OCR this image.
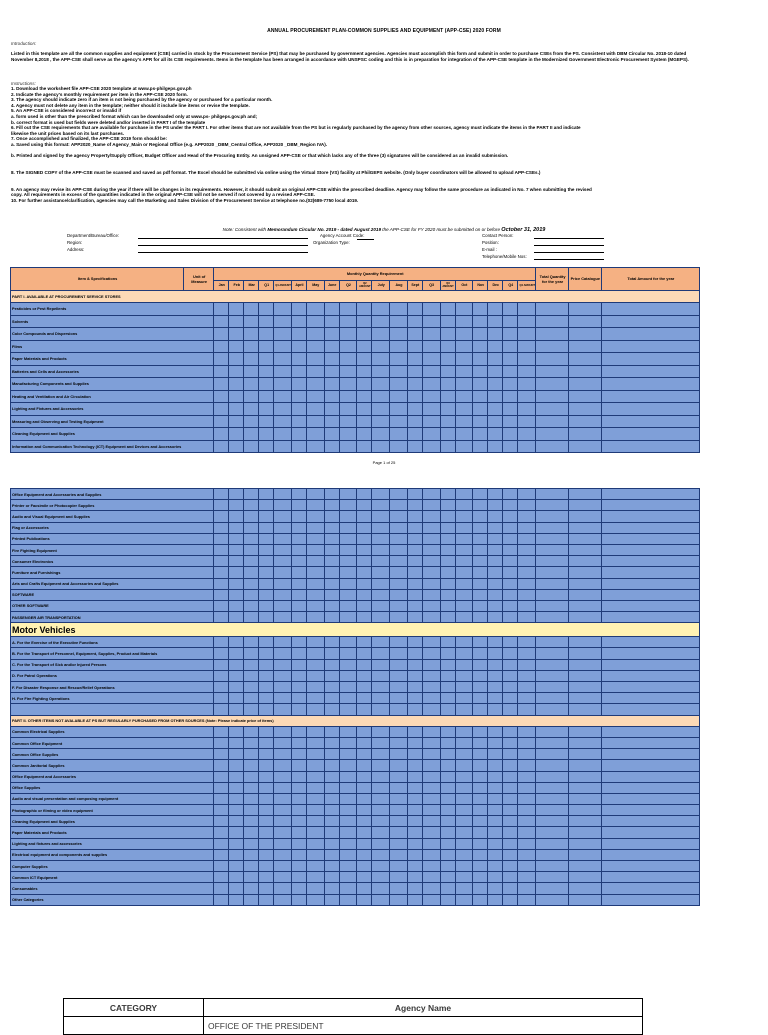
ANNUAL PROCUREMENT PLAN-COMMON SUPPLIES AND EQUIPMENT (APP-CSE) 2020 FORM
Introduction:
Listed in this template are all the common supplies and equipment (CSE) carried in stock by the Procurement Service (PS) that may be purchased by government agencies. Agencies must accomplish this form and submit in order to purchase CSEs from the PS. Consistent with DBM Circular No. 2018-10 dated November 8,2018 , the APP-CSE shall serve as the agency's APR for all its CSE requirements. Items in the template has been arranged in accordance with UNSPSC coding and this is in preparation for integration of the APP-CSE template in the Modernized Government Electronic Procurement System (MGEPS).
Instructions:
1. Download the worksheet file APP-CSE 2020 template at www.ps-philgeps.gov.ph
2. Indicate the agency's monthly requirement per item in the APP-CSE 2020 form.
3. The agency should indicate zero if an item is not being purchased by the agency or purchased for a particular month.
4. Agency must not delete any item in the template; neither should it include line items or revise the template.
5. An APP-CSE is considered incorrect or invalid if
a. form used is other than the prescribed format which can be downloaded only at www.ps- philgeps.gov.ph and;
b. correct format is used but fields were deleted and/or inserted in PART I of the template
6. Fill out the CSE requirements that are available for purchase in the PS under the PART I. For other items that are not available from the PS but is regularly purchased by the agency from other sources, agency must indicate the items in the PART II and indicate
likewise the unit prices based on its last purchases.
7. Once accomplished and finalized, the APP-CSE 2019 form should be:
a. Saved using this format: APP2020_Name of Agency_Main or Regional Office (e.g. APP2020 _DBM_Central Office, APP2020 _DBM_Region IVA).
b. Printed and signed by the agency Property/Supply Officer, Budget Officer and Head of the Procuring Entity. An unsigned APP-CSE or that which lacks any of the three (3) signatures will be considered as an invalid submission.
8. The SIGNED COPY of the APP-CSE must be scanned and saved as pdf format. The Excel should be submitted via online using the Virtual Store (VS) facility at PhilGEPS website. (Only buyer coordinators will be allowed to upload APP-CSEs.)
9. An agency may revise its APP-CSE during the year if there will be changes in its requirements. However, it should submit an original APP-CSE within the prescribed deadline. Agency may follow the same procedure as indicated in No. 7 when submitting the revised
copy. All requirements in excess of the quantities indicated in the original APP-CSE will not be served if not covered by a revised APP-CSE.
10. For further assistance/clarification, agencies may call the Marketing and Sales Division of the Procurement Service at telephone no.(02)689-7750 local 4019.
Note: Consistent with Memorandum Circular No. 2019 - dated August 2019 the APP-CSE for FY 2020 must be submitted on or before October 31, 2019
Department/Bureau/Office:
Region:
Address:
Agency Account Code:
Organization Type:
Contact Person:
Position:
E-mail :
Telephone/Mobile Nos:
Item & Specifications	Unit of Measure	Monthly Quantity Requirement																				Total Quantity for the year	Price Catalogue	Total Amount for the year
		Jan	Feb	Mar	Q1	Q1 AMOUNT	April	May	June	Q2	Q2 AMOUNT	July	Aug	Sept	Q3	Q3 AMOUNT	Oct	Nov	Dec	Q4	Q4 AMOUNT			
PART I. AVAILABLE AT PROCUREMENT SERVICE STORES																								
Pesticides or Pest Repellents																								
Solvents																								
Color Compounds and Dispersions																								
Films																								
Paper Materials and Products																								
Batteries and Cells and Accessories																								
Manufacturing Components and Supplies																								
Heating and Ventilation and Air Circulation																								
Lighting and Fixtures and Accessories																								
Measuring and Observing and Testing Equipment																								
Cleaning Equipment and Supplies																								
Information and Communication Technology (ICT) Equipment and Devices and Accessories																								
Page 1 of 25
Office Equipment and Accessories and Supplies																							
Printer or Facsimile or Photocopier Supplies																							
Audio and Visual Equipment and Supplies																							
Flag or Accessories																							
Printed Publications																							
Fire Fighting Equipment																							
Consumer Electronics																							
Furniture and Furnishings																							
Arts and Crafts Equipment and Accessories and Supplies																							
SOFTWARE																							
OTHER SOFTWARE																							
PASSENGER AIR TRANSPORTATION																							
Motor Vehicles																							
A. For the Exercise of the Executive Functions																							
B. For the Transport of Personnel, Equipment, Supplies, Product and Materials																							
C. For the Transport of Sick and/or Injured Persons																							
D. For Patrol Operations																							
F. For Disaster Response and Rescue/Relief Operations																							
H. For Fire Fighting Operations																							

PART II. OTHER ITEMS NOT AVALABLE AT PS BUT REGULARLY PURCHASED FROM OTHER SOURCES (Note: Please indicate price of items)																							
Common Electrical Supplies																							
Common Office Equipment																							
Common Office Supplies																							
Common Janitorial Supplies																							
Office Equipment and Accessories																							
Office Supplies																							
Audio and visual presentation and composing equipment																							
Photographic or filming or video equipment																							
Cleaning Equipment and Supplies																							
Paper Materials and Products																							
Lighting and fixtures and accessories																							
Electrical equipment and components and supplies																							
Computer Supplies																							
Common ICT Equipment																							
Consumables																							
Other Categories																							
CATEGORY	Agency Name
	OFFICE OF THE PRESIDENT
